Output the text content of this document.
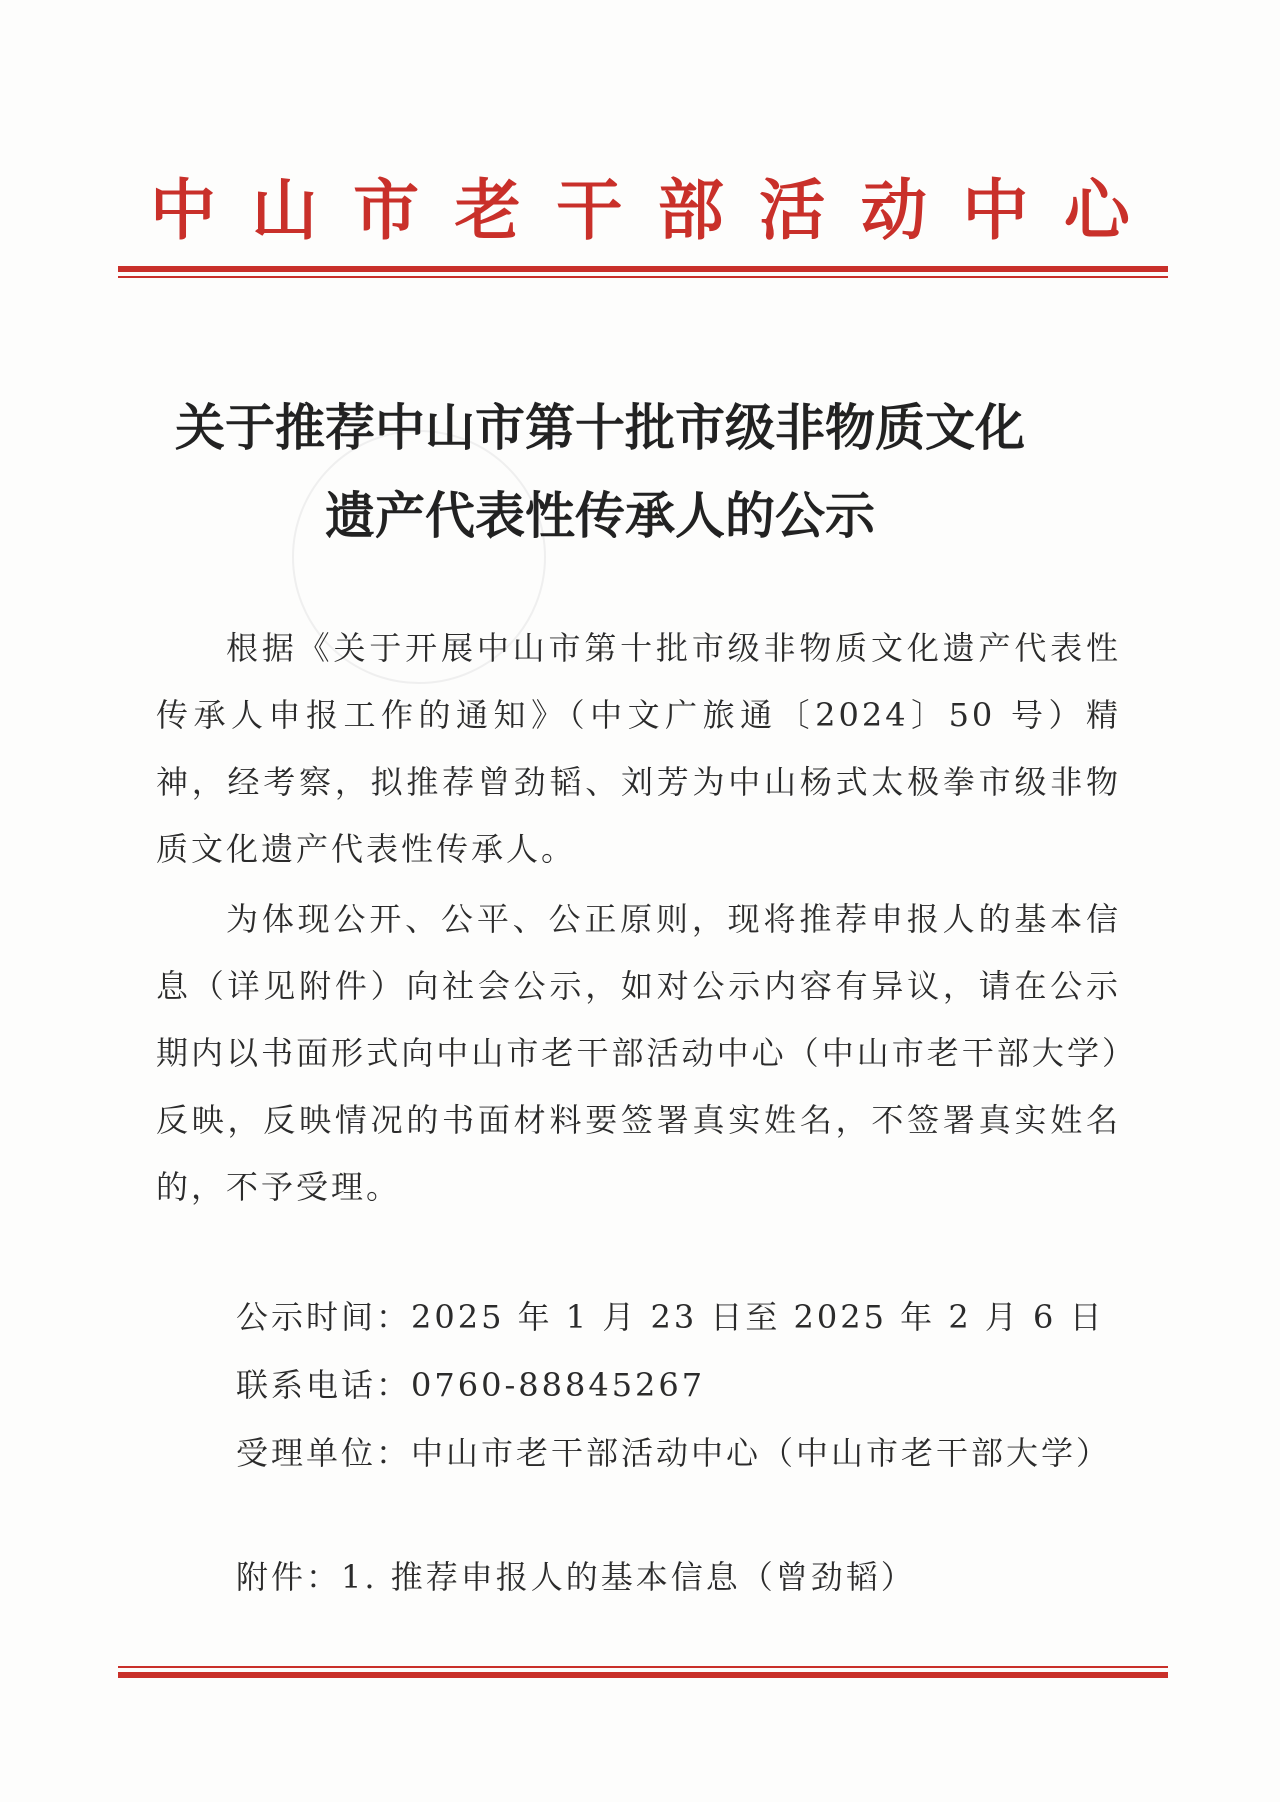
中 山 市 老 干 部 活 动 中 心
关于推荐中山市第十批市级非物质文化
遗产代表性传承人的公示
根据《关于开展中山市第十批市级非物质文化遗产代表性传承人申报工作的通知》（中文广旅通〔2024〕50 号）精神，经考察，拟推荐曾劲韬、刘芳为中山杨式太极拳市级非物质文化遗产代表性传承人。
为体现公开、公平、公正原则，现将推荐申报人的基本信息（详见附件）向社会公示，如对公示内容有异议，请在公示期内以书面形式向中山市老干部活动中心（中山市老干部大学）反映，反映情况的书面材料要签署真实姓名，不签署真实姓名的，不予受理。
公示时间：2025 年 1 月 23 日至 2025 年 2 月 6 日
联系电话：0760-88845267
受理单位：中山市老干部活动中心（中山市老干部大学）
附件：1. 推荐申报人的基本信息（曾劲韬）
